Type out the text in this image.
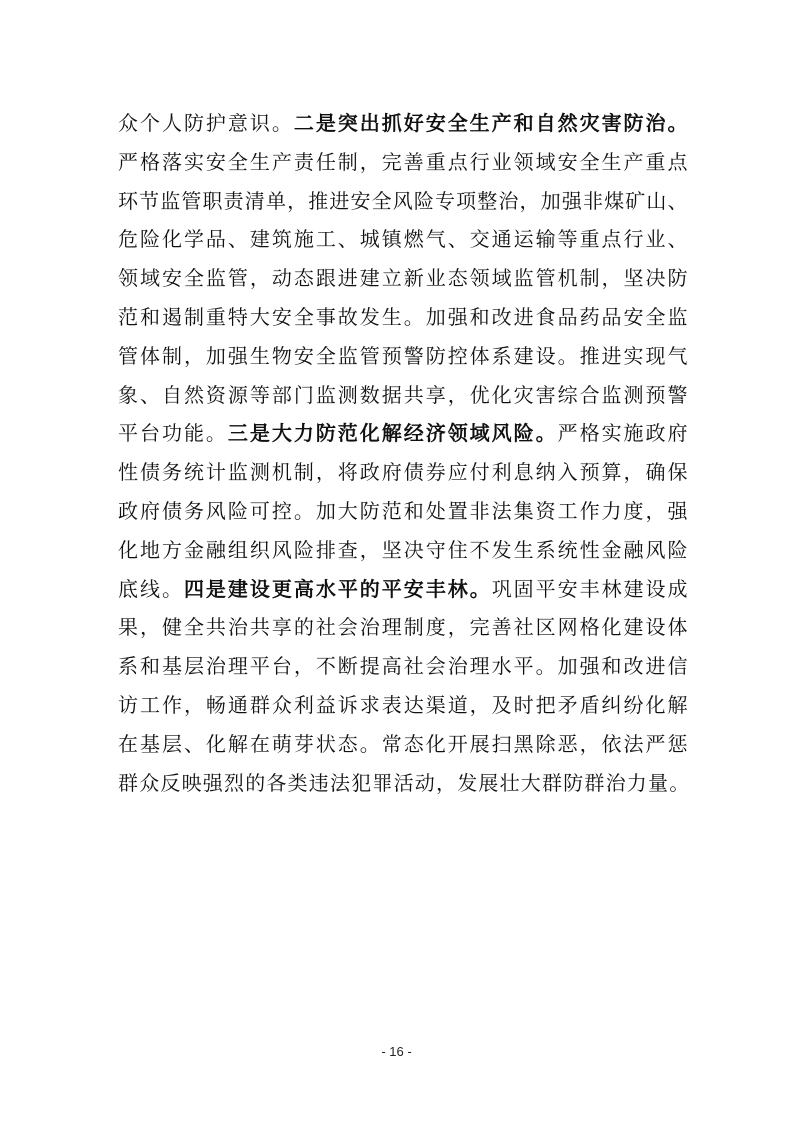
众个人防护意识。二是突出抓好安全生产和自然灾害防治。
严格落实安全生产责任制，完善重点行业领域安全生产重点
环节监管职责清单，推进安全风险专项整治，加强非煤矿山、
危险化学品、建筑施工、城镇燃气、交通运输等重点行业、
领域安全监管，动态跟进建立新业态领域监管机制，坚决防
范和遏制重特大安全事故发生。加强和改进食品药品安全监
管体制，加强生物安全监管预警防控体系建设。推进实现气
象、自然资源等部门监测数据共享，优化灾害综合监测预警
平台功能。三是大力防范化解经济领域风险。严格实施政府
性债务统计监测机制，将政府债券应付利息纳入预算，确保
政府债务风险可控。加大防范和处置非法集资工作力度，强
化地方金融组织风险排查，坚决守住不发生系统性金融风险
底线。四是建设更高水平的平安丰林。巩固平安丰林建设成
果，健全共治共享的社会治理制度，完善社区网格化建设体
系和基层治理平台，不断提高社会治理水平。加强和改进信
访工作，畅通群众利益诉求表达渠道，及时把矛盾纠纷化解
在基层、化解在萌芽状态。常态化开展扫黑除恶，依法严惩
群众反映强烈的各类违法犯罪活动，发展壮大群防群治力量。
- 16 -
